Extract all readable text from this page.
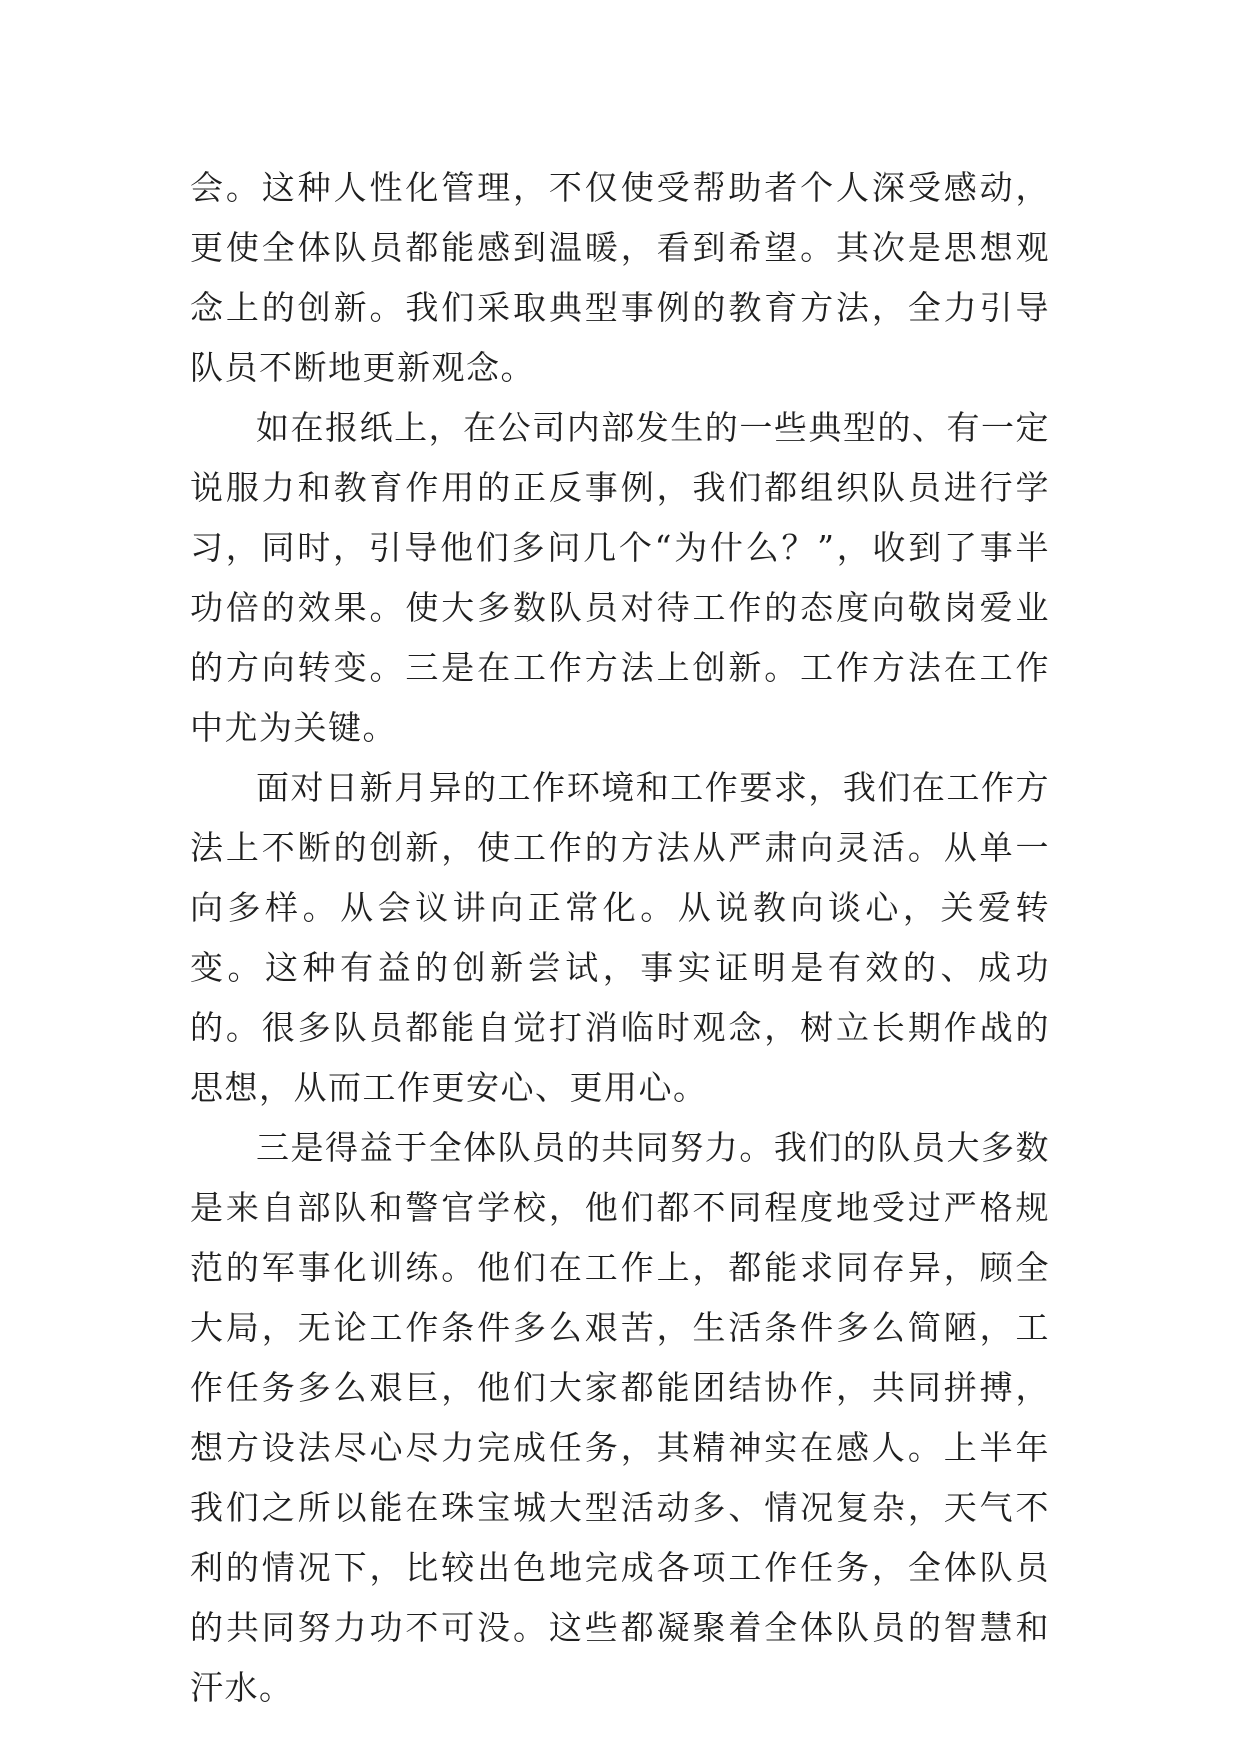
会。这种人性化管理，不仅使受帮助者个人深受感动，更使全体队员都能感到温暖，看到希望。其次是思想观念上的创新。我们采取典型事例的教育方法，全力引导队员不断地更新观念。

如在报纸上，在公司内部发生的一些典型的、有一定说服力和教育作用的正反事例，我们都组织队员进行学习，同时，引导他们多问几个“为什么？”，收到了事半功倍的效果。使大多数队员对待工作的态度向敬岗爱业的方向转变。三是在工作方法上创新。工作方法在工作中尤为关键。

面对日新月异的工作环境和工作要求，我们在工作方法上不断的创新，使工作的方法从严肃向灵活。从单一向多样。从会议讲向正常化。从说教向谈心，关爱转变。这种有益的创新尝试，事实证明是有效的、成功的。很多队员都能自觉打消临时观念，树立长期作战的思想，从而工作更安心、更用心。

三是得益于全体队员的共同努力。我们的队员大多数是来自部队和警官学校，他们都不同程度地受过严格规范的军事化训练。他们在工作上，都能求同存异，顾全大局，无论工作条件多么艰苦，生活条件多么简陋，工作任务多么艰巨，他们大家都能团结协作，共同拼搏，想方设法尽心尽力完成任务，其精神实在感人。上半年我们之所以能在珠宝城大型活动多、情况复杂，天气不利的情况下，比较出色地完成各项工作任务，全体队员的共同努力功不可没。这些都凝聚着全体队员的智慧和汗水。
